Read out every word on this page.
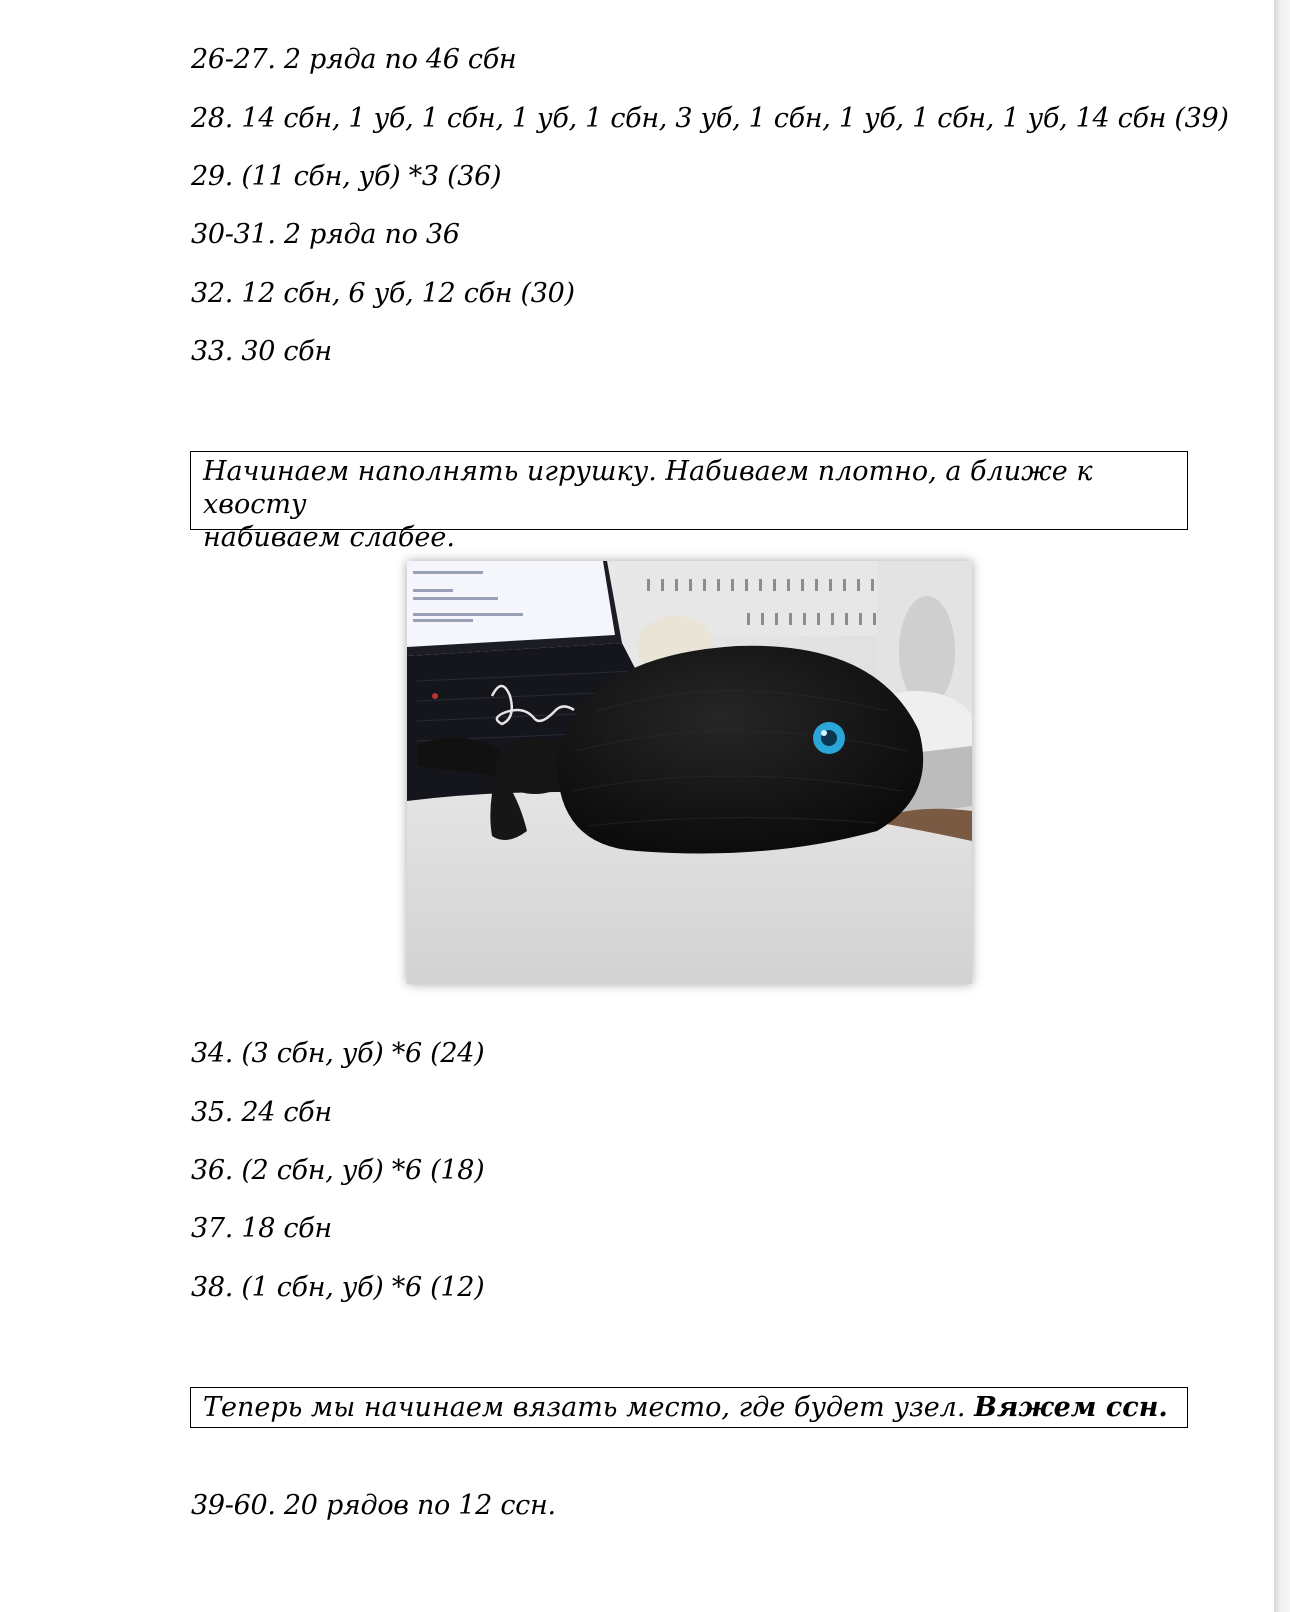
26-27. 2 ряда по 46 сбн
28. 14 сбн, 1 уб, 1 сбн, 1 уб, 1 сбн, 3 уб, 1 сбн, 1 уб, 1 сбн, 1 уб, 14 сбн (39)
29. (11 сбн, уб) *3 (36)
30-31. 2 ряда по 36
32. 12 сбн, 6 уб, 12 сбн (30)
33. 30 сбн
Начинаем наполнять игрушку. Набиваем плотно, а ближе к хвосту
набиваем слабее.
34. (3 сбн, уб) *6 (24)
35. 24 сбн
36. (2 сбн, уб) *6 (18)
37. 18 сбн
38. (1 сбн, уб) *6 (12)
Теперь мы начинаем вязать место, где будет узел. Вяжем ссн.
39-60. 20 рядов по 12 ссн.
